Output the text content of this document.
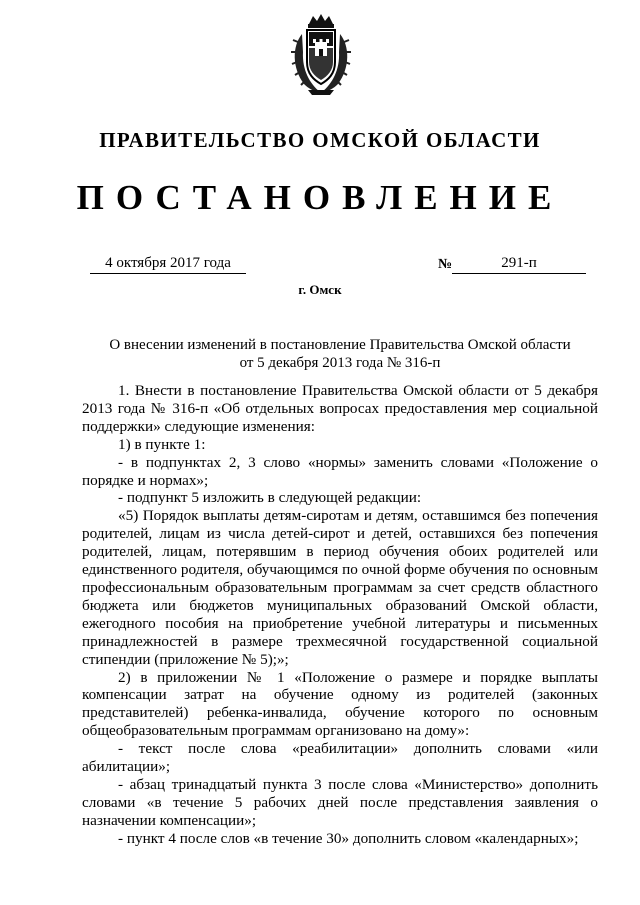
ПРАВИТЕЛЬСТВО ОМСКОЙ ОБЛАСТИ
ПОСТАНОВЛЕНИЕ
4 октября 2017 года	№	291-п
г. Омск
О внесении изменений в постановление Правительства Омской области
от 5 декабря 2013 года № 316-п
1. Внести в постановление Правительства Омской области от 5 декабря 2013 года № 316-п «Об отдельных вопросах предоставления мер социальной поддержки» следующие изменения:
1) в пункте 1:
- в подпунктах 2, 3 слово «нормы» заменить словами «Положение о порядке и нормах»;
- подпункт 5 изложить в следующей редакции:
«5) Порядок выплаты детям-сиротам и детям, оставшимся без попечения родителей, лицам из числа детей-сирот и детей, оставшихся без попечения родителей, лицам, потерявшим в период обучения обоих родителей или единственного родителя, обучающимся по очной форме обучения по основным профессиональным образовательным программам за счет средств областного бюджета или бюджетов муниципальных образований Омской области, ежегодного пособия на приобретение учебной литературы и письменных принадлежностей в размере трехмесячной государственной социальной стипендии (приложение № 5);»;
2) в приложении № 1 «Положение о размере и порядке выплаты компенсации затрат на обучение одному из родителей (законных представителей) ребенка-инвалида, обучение которого по основным общеобразовательным программам организовано на дому»:
- текст после слова «реабилитации» дополнить словами «или абилитации»;
- абзац тринадцатый пункта 3 после слова «Министерство» дополнить словами «в течение 5 рабочих дней после представления заявления о назначении компенсации»;
- пункт 4 после слов «в течение 30» дополнить словом «календарных»;
